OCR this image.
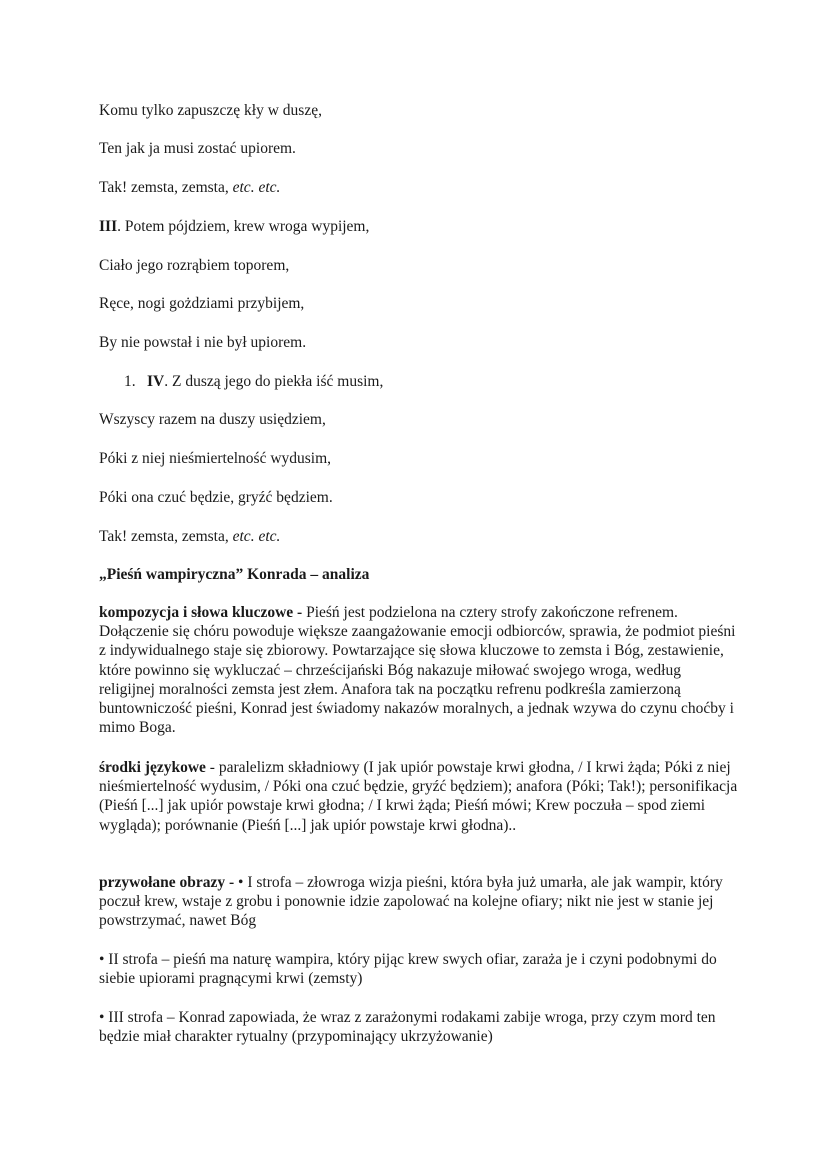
Komu tylko zapuszczę kły w duszę,
Ten jak ja musi zostać upiorem.
Tak! zemsta, zemsta, etc. etc.
III. Potem pójdziem, krew wroga wypijem,
Ciało jego rozrąbiem toporem,
Ręce, nogi gożdziami przybijem,
By nie powstał i nie był upiorem.
1. IV. Z duszą jego do piekła iść musim,
Wszyscy razem na duszy usiędziem,
Póki z niej nieśmiertelność wydusim,
Póki ona czuć będzie, gryźć będziem.
Tak! zemsta, zemsta, etc. etc.
„Pieśń wampiryczna” Konrada – analiza
kompozycja i słowa kluczowe - Pieśń jest podzielona na cztery strofy zakończone refrenem. Dołączenie się chóru powoduje większe zaangażowanie emocji odbiorców, sprawia, że podmiot pieśni z indywidualnego staje się zbiorowy. Powtarzające się słowa kluczowe to zemsta i Bóg, zestawienie, które powinno się wykluczać – chrześcijański Bóg nakazuje miłować swojego wroga, według religijnej moralności zemsta jest złem. Anafora tak na początku refrenu podkreśla zamierzoną buntowniczość pieśni, Konrad jest świadomy nakazów moralnych, a jednak wzywa do czynu choćby i mimo Boga.
środki językowe - paralelizm składniowy (I jak upiór powstaje krwi głodna, / I krwi żąda; Póki z niej nieśmiertelność wydusim, / Póki ona czuć będzie, gryźć będziem); anafora (Póki; Tak!); personifikacja (Pieśń [...] jak upiór powstaje krwi głodna; / I krwi żąda; Pieśń mówi; Krew poczuła – spod ziemi wygląda); porównanie (Pieśń [...] jak upiór powstaje krwi głodna)..
przywołane obrazy - • I strofa – złowroga wizja pieśni, która była już umarła, ale jak wampir, który poczuł krew, wstaje z grobu i ponownie idzie zapolować na kolejne ofiary; nikt nie jest w stanie jej powstrzymać, nawet Bóg
• II strofa – pieśń ma naturę wampira, który pijąc krew swych ofiar, zaraża je i czyni podobnymi do siebie upiorami pragnącymi krwi (zemsty)
• III strofa – Konrad zapowiada, że wraz z zarażonymi rodakami zabije wroga, przy czym mord ten będzie miał charakter rytualny (przypominający ukrzyżowanie)
